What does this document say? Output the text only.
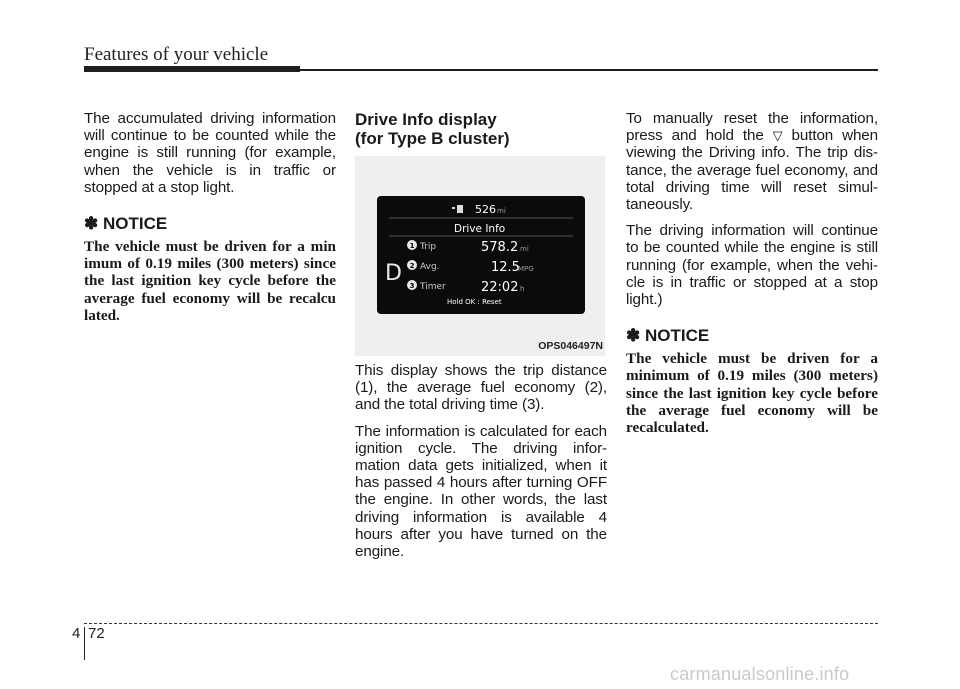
Features of your vehicle

The accumulated driving information will continue to be counted while the engine is still running (for example, when the vehicle is in traffic or stopped at a stop light.

✽ NOTICE

The vehicle must be driven for a min imum of 0.19 miles (300 meters) since the last ignition key cycle before the average fuel economy will be recalcu lated.

Drive Info display
(for Type B cluster)
526 mi
Drive Info
D
1 Trip	578.2 mi
2 Avg.	12.5
MPG
3 Timer	22:02 h
Hold OK : Reset
OPS046497N

This display shows the trip distance (1), the average fuel economy (2), and the total driving time (3).

The information is calculated for each ignition cycle. The driving infor- mation data gets initialized, when it has passed 4 hours after turning OFF the engine. In other words, the last driving information is available 4 hours after you have turned on the engine.

To manually reset the information, press and hold the ▽ button when viewing the Driving info. The trip dis- tance, the average fuel economy, and total driving time will reset simul- taneously.

The driving information will continue to be counted while the engine is still running (for example, when the vehi- cle is in traffic or stopped at a stop light.)

✽ NOTICE

The vehicle must be driven for a minimum of 0.19 miles (300 meters) since the last ignition key cycle before the average fuel economy will be recalculated.

4 72
carmanualsonline.info
